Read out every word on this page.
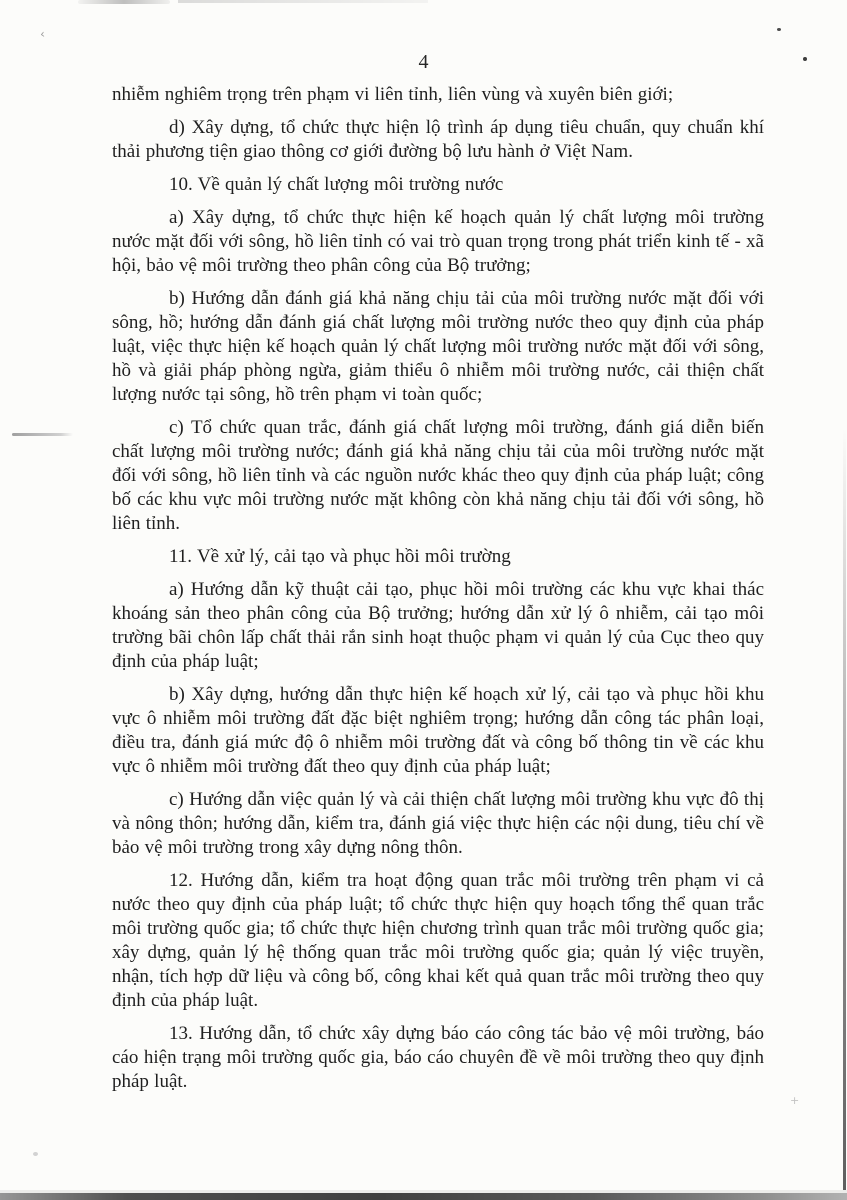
4

nhiễm nghiêm trọng trên phạm vi liên tỉnh, liên vùng và xuyên biên giới;

d) Xây dựng, tổ chức thực hiện lộ trình áp dụng tiêu chuẩn, quy chuẩn khí thải phương tiện giao thông cơ giới đường bộ lưu hành ở Việt Nam.

10. Về quản lý chất lượng môi trường nước

a) Xây dựng, tổ chức thực hiện kế hoạch quản lý chất lượng môi trường nước mặt đối với sông, hồ liên tỉnh có vai trò quan trọng trong phát triển kinh tế - xã hội, bảo vệ môi trường theo phân công của Bộ trưởng;

b) Hướng dẫn đánh giá khả năng chịu tải của môi trường nước mặt đối với sông, hồ; hướng dẫn đánh giá chất lượng môi trường nước theo quy định của pháp luật, việc thực hiện kế hoạch quản lý chất lượng môi trường nước mặt đối với sông, hồ và giải pháp phòng ngừa, giảm thiểu ô nhiễm môi trường nước, cải thiện chất lượng nước tại sông, hồ trên phạm vi toàn quốc;

c) Tổ chức quan trắc, đánh giá chất lượng môi trường, đánh giá diễn biến chất lượng môi trường nước; đánh giá khả năng chịu tải của môi trường nước mặt đối với sông, hồ liên tỉnh và các nguồn nước khác theo quy định của pháp luật; công bố các khu vực môi trường nước mặt không còn khả năng chịu tải đối với sông, hồ liên tỉnh.

11. Về xử lý, cải tạo và phục hồi môi trường

a) Hướng dẫn kỹ thuật cải tạo, phục hồi môi trường các khu vực khai thác khoáng sản theo phân công của Bộ trưởng; hướng dẫn xử lý ô nhiễm, cải tạo môi trường bãi chôn lấp chất thải rắn sinh hoạt thuộc phạm vi quản lý của Cục theo quy định của pháp luật;

b) Xây dựng, hướng dẫn thực hiện kế hoạch xử lý, cải tạo và phục hồi khu vực ô nhiễm môi trường đất đặc biệt nghiêm trọng; hướng dẫn công tác phân loại, điều tra, đánh giá mức độ ô nhiễm môi trường đất và công bố thông tin về các khu vực ô nhiễm môi trường đất theo quy định của pháp luật;

c) Hướng dẫn việc quản lý và cải thiện chất lượng môi trường khu vực đô thị và nông thôn; hướng dẫn, kiểm tra, đánh giá việc thực hiện các nội dung, tiêu chí về bảo vệ môi trường trong xây dựng nông thôn.

12. Hướng dẫn, kiểm tra hoạt động quan trắc môi trường trên phạm vi cả nước theo quy định của pháp luật; tổ chức thực hiện quy hoạch tổng thể quan trắc môi trường quốc gia; tổ chức thực hiện chương trình quan trắc môi trường quốc gia; xây dựng, quản lý hệ thống quan trắc môi trường quốc gia; quản lý việc truyền, nhận, tích hợp dữ liệu và công bố, công khai kết quả quan trắc môi trường theo quy định của pháp luật.

13. Hướng dẫn, tổ chức xây dựng báo cáo công tác bảo vệ môi trường, báo cáo hiện trạng môi trường quốc gia, báo cáo chuyên đề về môi trường theo quy định pháp luật.

‹
+
